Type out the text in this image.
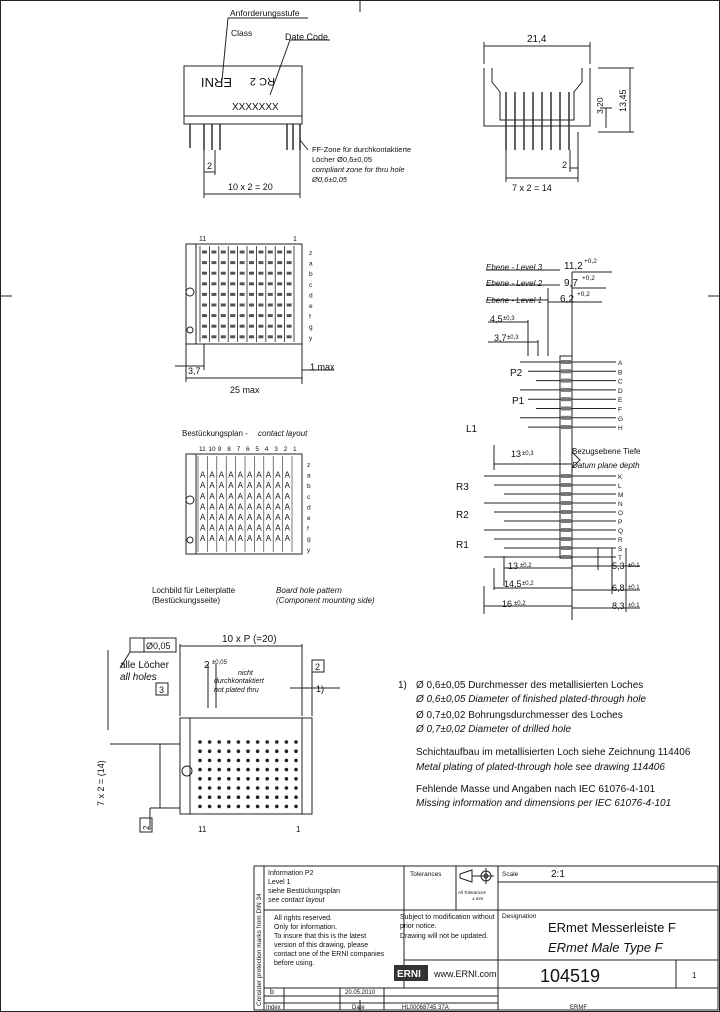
Anforderungsstufe
Class	Date Code
ERNI RC 2
XXXXXXX
2
10 x 2 = 20
FF-Zone für durchkontaktierte
Löcher Ø0,6±0,05
compliant zone for thru hole
Ø0,6±0,05
21,4
13,45
3,20
2
7 x 2 = 14
11	1
z
a
b
c
d
e
f
g
y
3,7
25 max
1 max
Bestückungsplan - contact layout
11 10 9 8 7 6 5 4 3 2 1
A A A A A A A A A A
A A A A A A A A A A
A A A A A A A A A A
A A A A A A A A A A
A A A A A A A A A A
A A A A A A A A A A
A A A A A A A A A A
z
a
b
c
d
e
f
g
y
A
B
C
D
E
F
G
H
K
L
M
N
O
P
Q
R
S
T
Ebene - Level 3
Ebene - Level 2
Ebene - Level 1
11,2 +0,2
9,7 +0,2
6,2 +0,2
4,5 ±0,3
3,7 ±0,3
P2
P1
L1
13 ±0,3	Bezugsebene Tiefe
Datum plane depth
R3
R2
R1
5,3 ±0,1
6,8 ±0,1
8,3 ±0,1
13 ±0,2
14,5 ±0,2
16 ±0,2
Lochbild für Leiterplatte
(Bestückungsseite)
Board hole pattern
(Component mounting side)
Ø0,05
alle Löcher
all holes
10 x P (=20)
2 ±0,05
nicht
durchkontaktiert
not plated thru
3
2
1)
7 x 2 = (14)
11	1
2
1) Ø 0,6±0,05 Durchmesser des metallisierten Loches
Ø 0,6±0,05 Diameter of finished plated-through hole
Ø 0,7±0,02 Bohrungsdurchmesser des Loches
Ø 0,7±0,02 Diameter of drilled hole
Schichtaufbau im metallisierten Loch siehe Zeichnung 114406
Metal plating of plated-through hole see drawing 114406
Fehlende Masse und Angaben nach IEC 61076-4-101
Missing information and dimensions per IEC 61076-4-101
Consider protection marks from DIN 34
Information P2
Level 1
siehe Bestückungsplan
see contact layout
Tolerances
All Tolerances
± mm
Scale	2:1
All rights reserved.
Only for information.
To insure that this is the latest
version of this drawing, please
contact one of the ERNI companies
before using.
Subject to modification without
prior notice.
Drawing will not be updated.
Designation
ERmet Messerleiste F
ERmet Male Type F
ERNI www.ERNI.com 104519	1
b	20.05.2010
Index	Date	HL00068745 37A	ERMF
